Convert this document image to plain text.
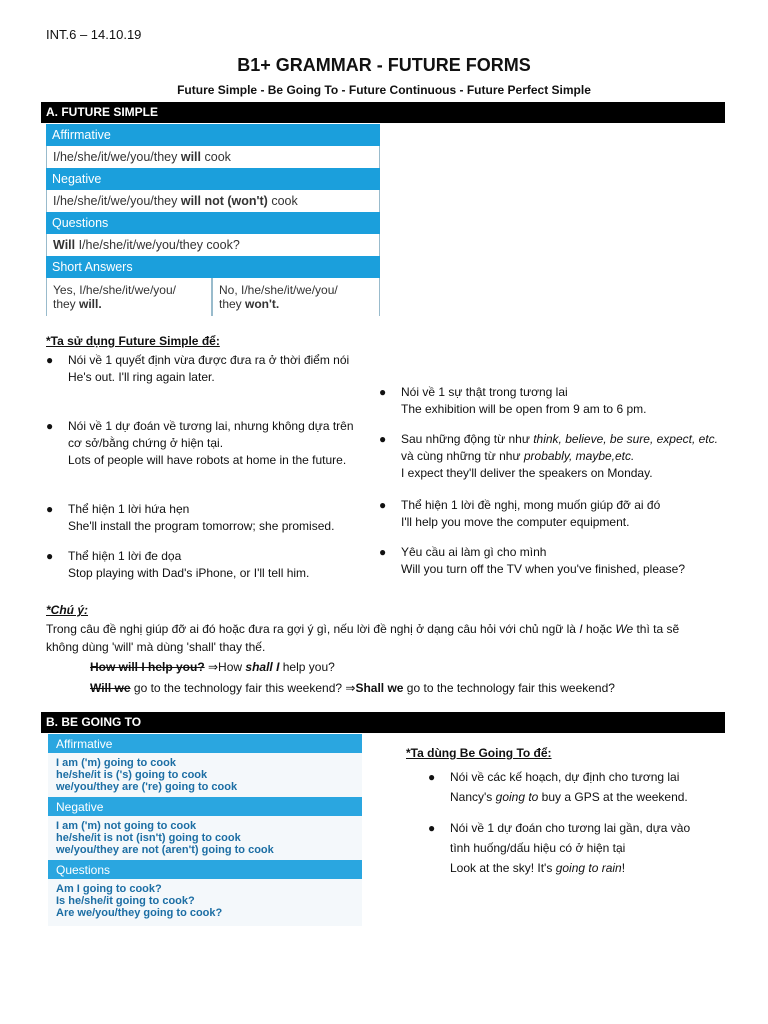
INT.6 – 14.10.19
B1+ GRAMMAR - FUTURE FORMS
Future Simple - Be Going To - Future Continuous - Future Perfect Simple
A. FUTURE SIMPLE
Affirmative
I/he/she/it/we/you/they will cook
Negative
I/he/she/it/we/you/they will not (won't) cook
Questions
Will I/he/she/it/we/you/they cook?
Short Answers
Yes, I/he/she/it/we/you/
they will.
No, I/he/she/it/we/you/
they won't.
*Ta sử dụng Future Simple để:
● Nói về 1 quyết định vừa được đưa ra ở thời điểm nói
He's out. I'll ring again later.
● Nói về 1 dự đoán về tương lai, nhưng không dựa trên cơ sở/bằng chứng ở hiện tại.
Lots of people will have robots at home in the future.
● Thể hiện 1 lời hứa hẹn
She'll install the program tomorrow; she promised.
● Thể hiện 1 lời đe dọa
Stop playing with Dad's iPhone, or I'll tell him.
● Nói về 1 sự thật trong tương lai
The exhibition will be open from 9 am to 6 pm.
● Sau những động từ như think, believe, be sure, expect, etc. và cùng những từ như probably, maybe,etc.
I expect they'll deliver the speakers on Monday.
● Thể hiện 1 lời đề nghị, mong muốn giúp đỡ ai đó
I'll help you move the computer equipment.
● Yêu cầu ai làm gì cho mình
Will you turn off the TV when you've finished, please?
*Chú ý:
Trong câu đề nghị giúp đỡ ai đó hoặc đưa ra gợi ý gì, nếu lời đề nghị ở dạng câu hỏi với chủ ngữ là I hoặc We thì ta sẽ
không dùng 'will' mà dùng 'shall' thay thế.
How will I help you? ⇒How shall I help you?
Will we go to the technology fair this weekend? ⇒Shall we go to the technology fair this weekend?
B. BE GOING TO
Affirmative
I am ('m) going to cook
he/she/it is ('s) going to cook
we/you/they are ('re) going to cook
Negative
I am ('m) not going to cook
he/she/it is not (isn't) going to cook
we/you/they are not (aren't) going to cook
Questions
Am I going to cook?
Is he/she/it going to cook?
Are we/you/they going to cook?
*Ta dùng Be Going To để:
● Nói về các kế hoạch, dự định cho tương lai
Nancy's going to buy a GPS at the weekend.
● Nói về 1 dự đoán cho tương lai gần, dựa vào
tình huống/dấu hiệu có ở hiện tại
Look at the sky! It's going to rain!
